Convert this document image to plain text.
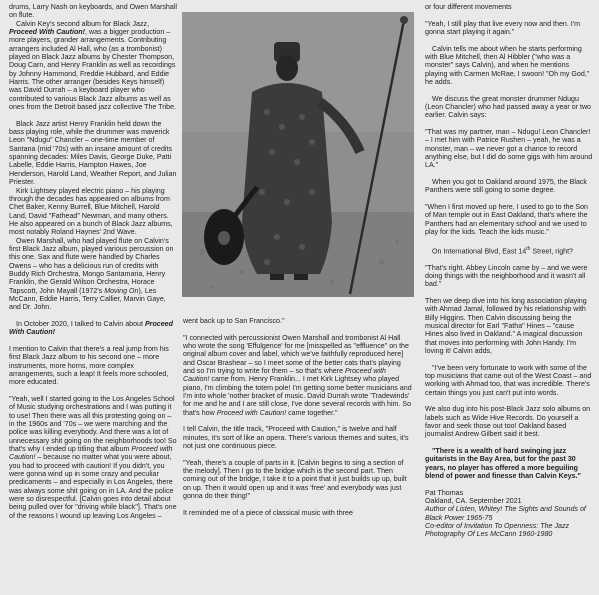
drums, Larry Nash on keyboards, and Owen Marshall on flute.

Calvin Key's second album for Black Jazz, Proceed With Caution!, was a bigger production – more players, grander arrangements. Contributing arrangers included Al Hall, who (as a trombonist) played on Black Jazz albums by Chester Thompson, Doug Carn, and Henry Franklin as well as recordings by Johnny Hammond, Freddie Hubbard, and Eddie Harris. The other arranger (besides Keys himself) was David Durrah – a keyboard player who contributed to various Black Jazz albums as well as ones from the Detroit based jazz collective The Tribe.

Black Jazz artist Henry Franklin held down the bass playing role, while the drummer was maverick Leon "Ndugu" Chancler – one-time member of Santana (mid '70s) with an insane amount of credits spanning decades: Miles Davis, George Duke, Patti Labelle, Eddie Harris, Hampton Hawes, Joe Henderson, Harold Land, Weather Report, and Julian Priester.

Kirk Lightsey played electric piano – his playing through the decades has appeared on albums from Chet Baker, Kenny Burrell, Blue Mitchell, Harold Land, David "Fathead" Newman, and many others. He also appeared on a bunch of Black Jazz albums, most notably Roland Haynes' 2nd Wave.

Owen Marshall, who had played flute on Calvin's first Black Jazz album, played various percussion on this one. Sax and flute were handled by Charles Owens – who has a delicious run of credits with Buddy Rich Orchestra, Mongo Santamaria, Henry Franklin, the Gerald Wilson Orchestra, Horace Tapscott, John Mayall (1972's Moving On), Les McCann, Eddie Harris, Terry Callier, Marvin Gaye, and Dr. John.

In October 2020, I talked to Calvin about Proceed With Caution!

I mention to Calvin that there's a real jump from his first Black Jazz album to his second one – more instruments, more horns, more complex arrangements, such a leap! It feels more schooled, more educated.

"Yeah, well I started going to the Los Angeles School of Music studying orchestrations and I was putting it to use! Then there was all this protesting going on – in the 1960s and '70s – we were marching and the police was killing everybody. And there was a lot of unnecessary shit going on the neighborhoods too! So that's why I ended up titling that album Proceed with Caution! – because no matter what you were about, you had to proceed with caution! If you didn't, you were gonna wind up in some crazy and peculiar predicaments – and especially in Los Angeles, there was always some shit going on in LA. And the police were so disrespectful. [Calvin goes into detail about being pulled over for "driving while black"]. That's one of the reasons I wound up leaving Los Angeles –

went back up to San Francisco."

"I connected with percussionist Owen Marshall and trombonist Al Hall who wrote the song 'Effulgence' for me [misspelled as "effluence" on the original album cover and label, which we've faithfully reproduced here] and Oscar Brashear – so I meet some of the better cats that's playing and so I'm trying to write for them – so that's where Proceed with Caution! came from. Henry Franklin... I met Kirk Lightsey who played piano, I'm climbing the totem pole! I'm getting some better musicians and I'm into whole 'nother bracket of music. David Durrah wrote 'Tradewinds' for me and he and I are still close, I've done several records with him. So that's how Proceed with Caution! came together."

I tell Calvin, the title track, "Proceed with Caution," is twelve and half minutes, it's sort of like an opera. There's various themes and suites, it's not just one continuous piece.

"Yeah, there's a couple of parts in it. [Calvin begins to sing a section of the melody]. Then I go to the bridge which is the second part. Then coming out of the bridge, I take it to a point that it just builds up up, built on up. Then it would open up and it was 'free' and everybody was just gonna do their thing!"

It reminded me of a piece of classical music with three

or four different movements

"Yeah, I still play that live every now and then. I'm gonna start playing it again."

Calvin tells me about when he starts performing with Blue Mitchell, then Al Hibbler ("who was a monster" says Calvin), and when he mentions playing with Carmen McRae, I swoon! "Oh my God," he adds.

We discuss the great monster drummer Ndugu (Leon Chancler) who had passed away a year or two earlier. Calvin says:

"That was my partner, man – Ndugu! Leon Chancler! – I met him with Patrice Rushen – yeah, he was a monster, man – we never got a chance to record anything else, but I did do some gigs with him around LA."

When you got to Oakland around 1975, the Black Panthers were still going to some degree.

"When I first moved up here, I used to go to the Son of Man temple out in East Oakland, that's where the Panthers had an elementary school and we used to play for the kids. Teach the kids music."

On International Blvd, East 14th Street, right?

"That's right. Abbey Lincoln came by – and we were doing things with the neighborhood and it wasn't all bad."

Then we deep dive into his long association playing with Ahmad Jamal, followed by his relationship with Billy Higgins. Then Calvin discussing being the musical director for Earl "Fatha" Hines – "cause Hines also lived in Oakland." A magical discussion that moves into performing with John Handy. I'm loving it! Calvin adds,

"I've been very fortunate to work with some of the top musicians that came out of the West Coast – and working with Ahmad too, that was incredible. There's certain things you just can't put into words.

We also dug into his post-Black Jazz solo albums on labels such as Wide Hive Records. Do yourself a favor and seek those out too! Oakland based journalist Andrew Gilbert said it best.

"There is a wealth of hard swinging jazz guitarists in the Bay Area, but for the past 30 years, no player has offered a more beguiling blend of power and finesse than Calvin Keys."

Pat Thomas
Oakland, CA. September 2021
Author of Listen, Whitey! The Sights and Sounds of Black Power 1965-75
Co-editor of Invitation To Openness: The Jazz
Photography Of Les McCann 1960-1980
